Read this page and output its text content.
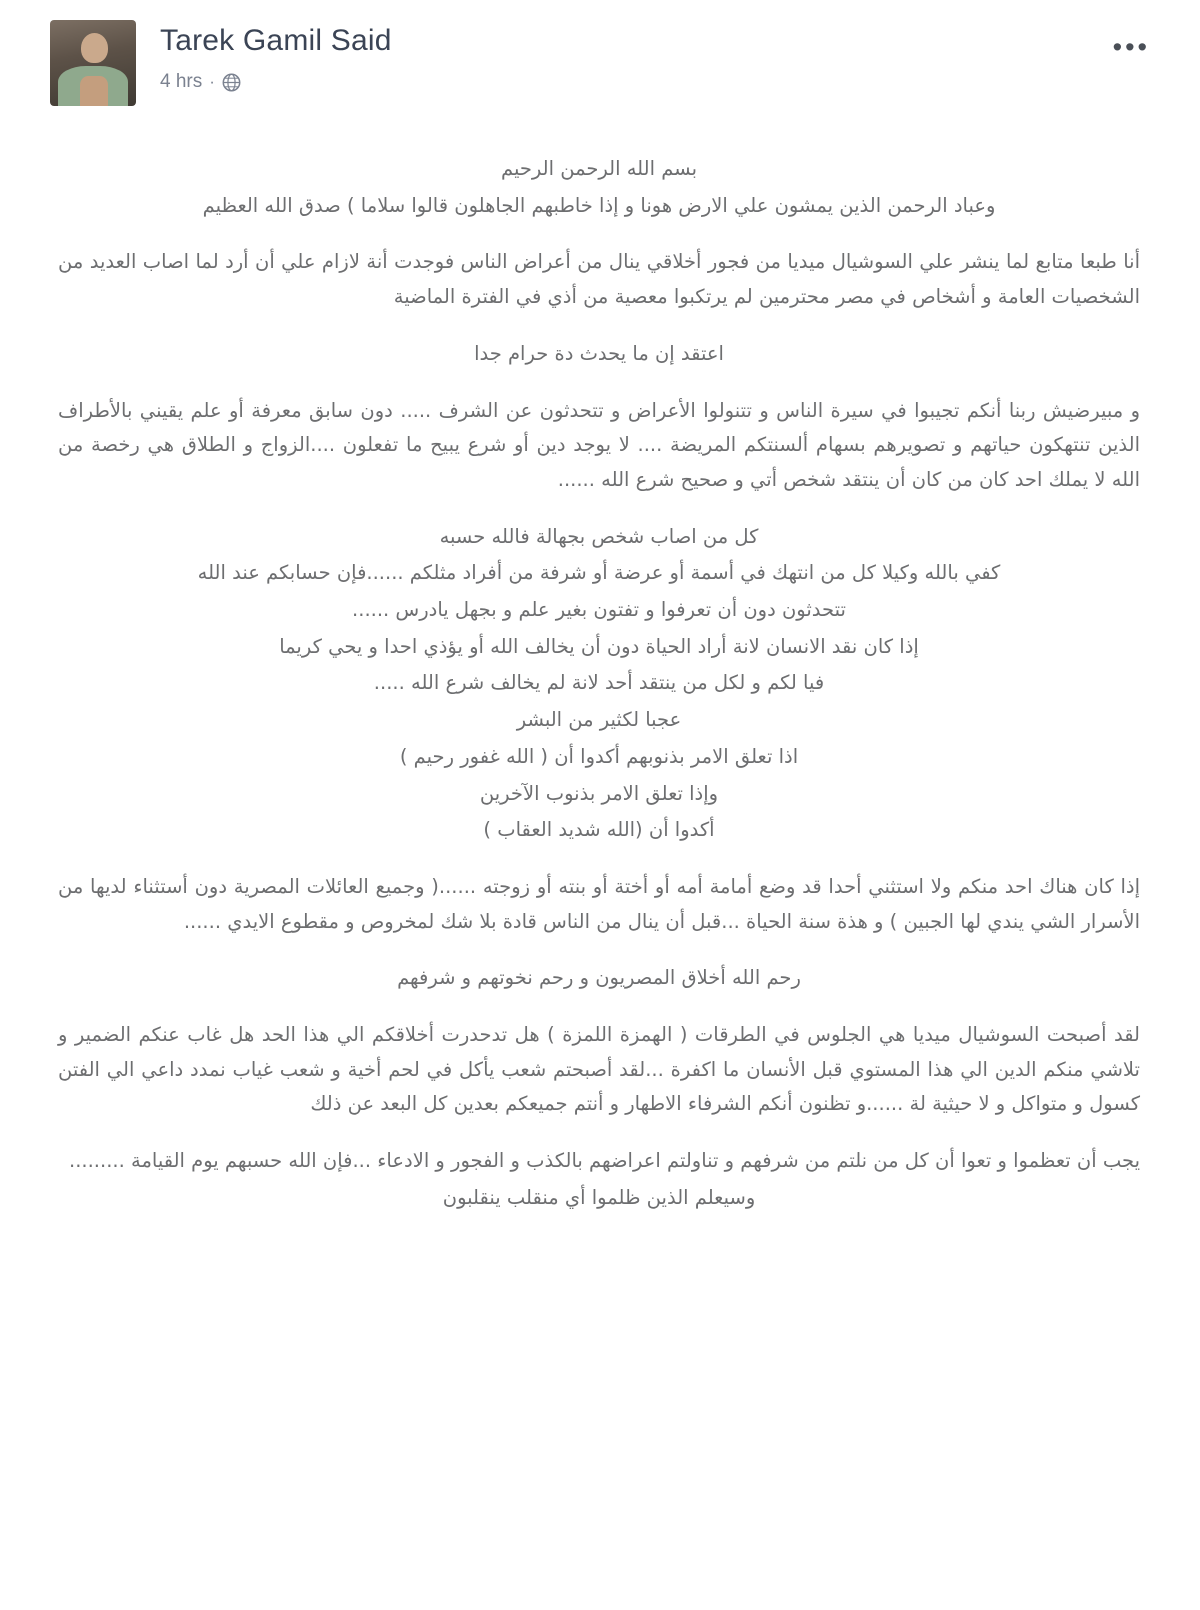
Tarek Gamil Said
4 hrs ·
•••

بسم الله الرحمن الرحيم

وعباد الرحمن الذين يمشون علي الارض هونا و إذا خاطبهم الجاهلون قالوا سلاما ) صدق الله العظيم

أنا طبعا متابع لما ينشر علي السوشيال ميديا من فجور أخلاقي ينال من أعراض الناس فوجدت أنة لازام علي أن أرد لما اصاب العديد من الشخصيات العامة و أشخاص في مصر محترمين لم يرتكبوا معصية من أذي في الفترة الماضية

اعتقد إن ما يحدث دة حرام جدا

و مبيرضيش ربنا أنكم تجيبوا في سيرة الناس و تتنولوا الأعراض و تتحدثون عن الشرف ..... دون سابق معرفة أو علم يقيني بالأطراف الذين تنتهكون حياتهم و تصويرهم بسهام ألسنتكم المريضة .... لا يوجد دين أو شرع يبيح ما تفعلون ....الزواج و الطلاق هي رخصة من الله لا يملك احد كان من كان أن ينتقد شخص أتي و صحيح شرع الله ......

كل من اصاب شخص بجهالة فالله حسبه

كفي بالله وكيلا كل من انتهك في أسمة أو عرضة أو شرفة من أفراد مثلكم ......فإن حسابكم عند الله

تتحدثون دون أن تعرفوا و تفتون بغير علم و بجهل يادرس ......

إذا كان نقد الانسان لانة أراد الحياة دون أن يخالف الله أو يؤذي احدا و يحي كريما

فيا لكم و لكل من ينتقد أحد لانة لم يخالف شرع الله .....

عجبا لكثير من البشر

اذا تعلق الامر بذنوبهم أكدوا أن ( الله غفور رحيم )

وإذا تعلق الامر بذنوب الآخرين

أكدوا أن (الله شديد العقاب )

إذا كان هناك احد منكم ولا استثني أحدا قد وضع أمامة أمه أو أختة أو بنته أو زوجته ......( وجميع العائلات المصرية دون أستثناء لديها من الأسرار الشي يندي لها الجبين ) و هذة سنة الحياة ...قبل أن ينال من الناس قادة بلا شك لمخروص و مقطوع الايدي ......

رحم الله أخلاق المصريون و رحم نخوتهم و شرفهم

لقد أصبحت السوشيال ميديا هي الجلوس في الطرقات ( الهمزة اللمزة ) هل تدحدرت أخلاقكم الي هذا الحد هل غاب عنكم الضمير و تلاشي منكم الدين الي هذا المستوي قبل الأنسان ما اكفرة ...لقد أصبحتم شعب يأكل في لحم أخية و شعب غياب نمدد داعي الي الفتن كسول و متواكل و لا حيثية لة ......و تظنون أنكم الشرفاء الاطهار و أنتم جميعكم بعدين كل البعد عن ذلك

يجب أن تعظموا و تعوا أن كل من نلتم من شرفهم و تناولتم اعراضهم بالكذب و الفجور و الادعاء ...فإن الله حسبهم يوم القيامة .........

وسيعلم الذين ظلموا أي منقلب ينقلبون
